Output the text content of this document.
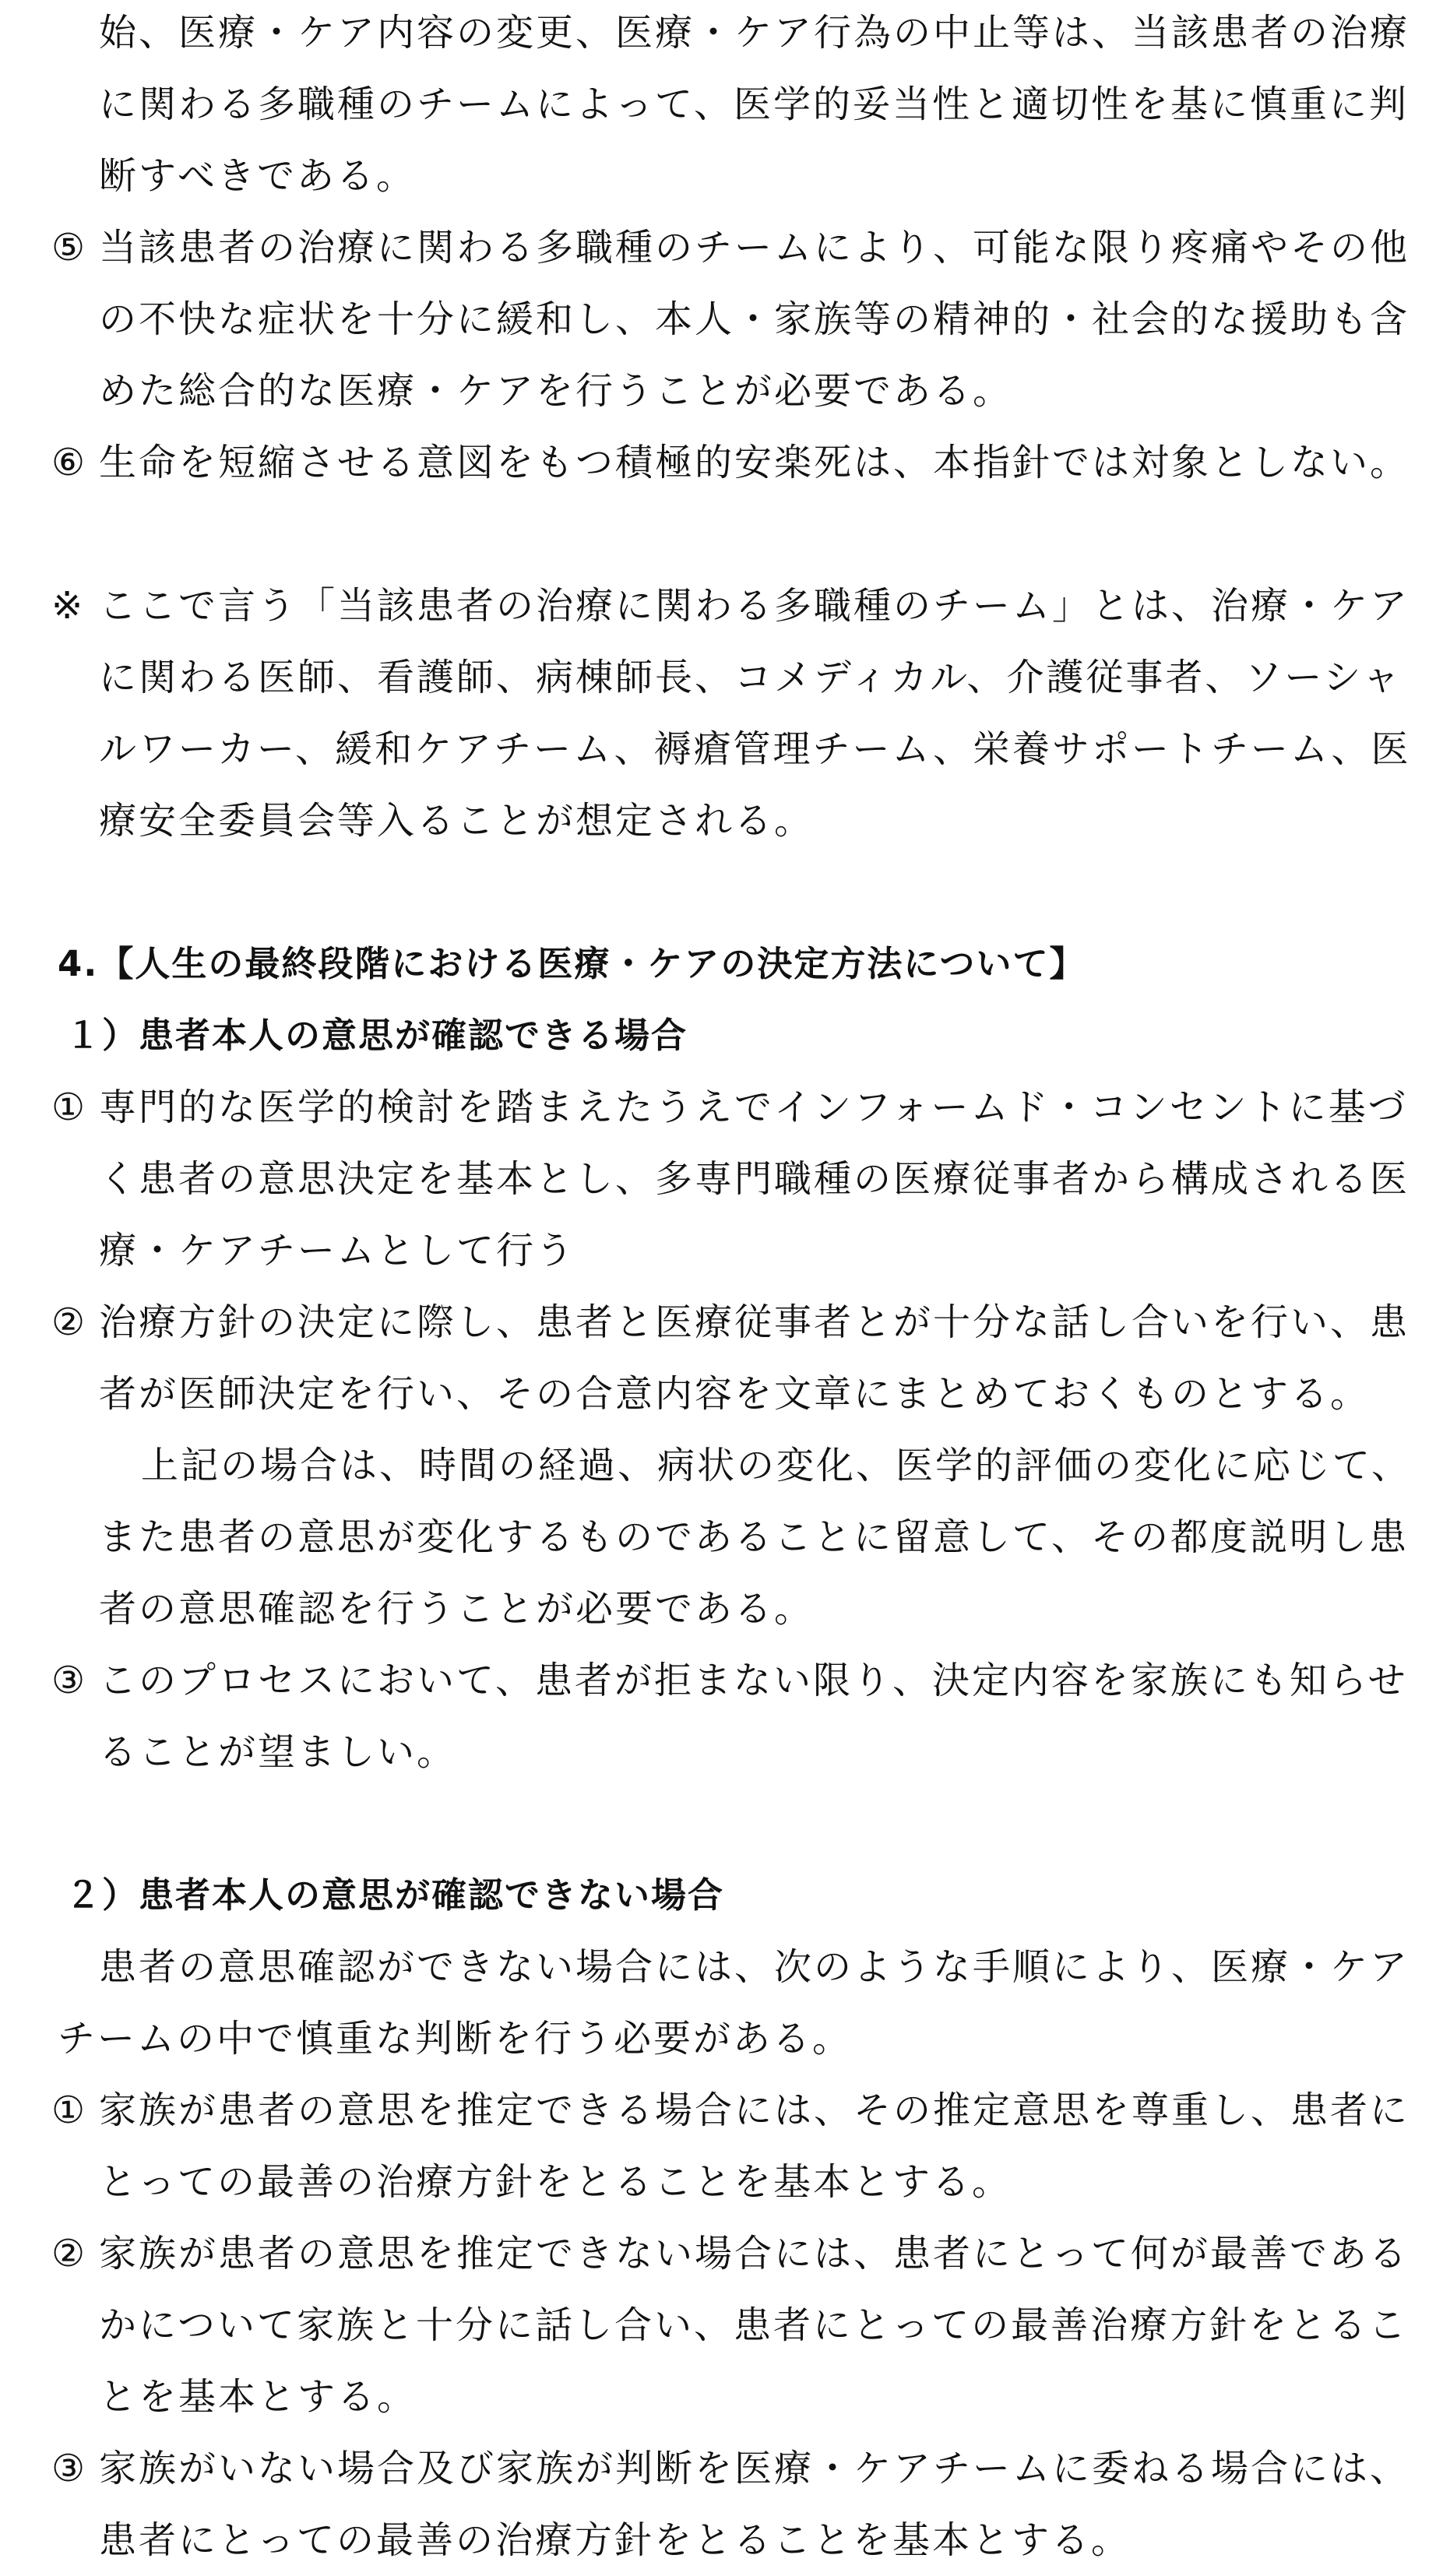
始、医療・ケア内容の変更、医療・ケア行為の中止等は、当該患者の治療に関わる多職種のチームによって、医学的妥当性と適切性を基に慎重に判断すべきである。

⑤ 当該患者の治療に関わる多職種のチームにより、可能な限り疼痛やその他の不快な症状を十分に緩和し、本人・家族等の精神的・社会的な援助も含めた総合的な医療・ケアを行うことが必要である。

⑥ 生命を短縮させる意図をもつ積極的安楽死は、本指針では対象としない。

※ ここで言う「当該患者の治療に関わる多職種のチーム」とは、治療・ケアに関わる医師、看護師、病棟師長、コメディカル、介護従事者、ソーシャルワーカー、緩和ケアチーム、褥瘡管理チーム、栄養サポートチーム、医療安全委員会等入ることが想定される。

4.【人生の最終段階における医療・ケアの決定方法について】
１）患者本人の意思が確認できる場合

① 専門的な医学的検討を踏まえたうえでインフォームド・コンセントに基づく患者の意思決定を基本とし、多専門職種の医療従事者から構成される医療・ケアチームとして行う

② 治療方針の決定に際し、患者と医療従事者とが十分な話し合いを行い、患者が医師決定を行い、その合意内容を文章にまとめておくものとする。

上記の場合は、時間の経過、病状の変化、医学的評価の変化に応じて、また患者の意思が変化するものであることに留意して、その都度説明し患者の意思確認を行うことが必要である。

③ このプロセスにおいて、患者が拒まない限り、決定内容を家族にも知らせることが望ましい。

２）患者本人の意思が確認できない場合

患者の意思確認ができない場合には、次のような手順により、医療・ケアチームの中で慎重な判断を行う必要がある。

① 家族が患者の意思を推定できる場合には、その推定意思を尊重し、患者にとっての最善の治療方針をとることを基本とする。

② 家族が患者の意思を推定できない場合には、患者にとって何が最善であるかについて家族と十分に話し合い、患者にとっての最善治療方針をとることを基本とする。

③ 家族がいない場合及び家族が判断を医療・ケアチームに委ねる場合には、患者にとっての最善の治療方針をとることを基本とする。
